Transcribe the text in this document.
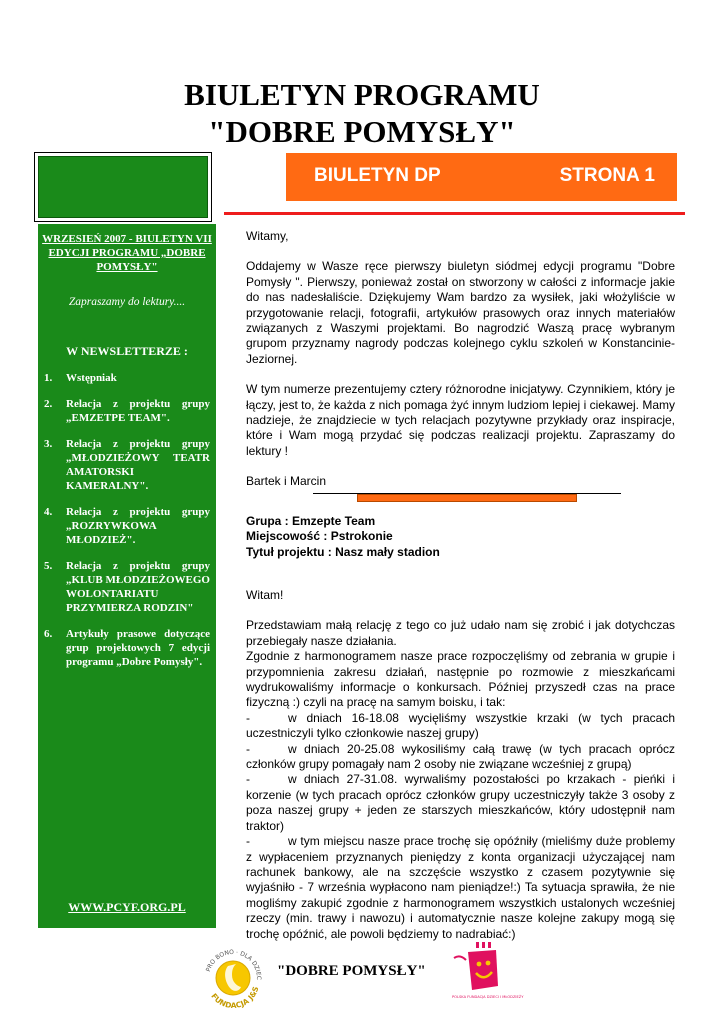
BIULETYN PROGRAMU
"DOBRE POMYSŁY"
BIULETYN DP	STRONA 1
WRZESIEŃ 2007 - BIULETYN VII EDYCJI PROGRAMU „DOBRE POMYSŁY"
Zapraszamy do lektury....
W NEWSLETTERZE :
1. Wstępniak
2. Relacja z projektu grupy „EMZETPE TEAM".
3. Relacja z projektu grupy „MŁODZIEŻOWY TEATR AMATORSKI KAMERALNY".
4. Relacja z projektu grupy „ROZRYWKOWA MŁODZIEŻ".
5. Relacja z projektu grupy „KLUB MŁODZIEŻOWEGO WOLONTARIATU PRZYMIERZA RODZIN"
6. Artykuły prasowe dotyczące grup projektowych 7 edycji programu „Dobre Pomysły".
WWW.PCYF.ORG.PL

Witamy,

Oddajemy w Wasze ręce pierwszy biuletyn siódmej edycji programu "Dobre Pomysły ". Pierwszy, ponieważ został on stworzony w całości z informacje jakie do nas nadesłaliście. Dziękujemy Wam bardzo za wysiłek, jaki włożyliście w przygotowanie relacji, fotografii, artykułów prasowych oraz innych materiałów związanych z Waszymi projektami. Bo nagrodzić Waszą pracę wybranym grupom przyznamy nagrody podczas kolejnego cyklu szkoleń w Konstancinie-Jeziornej.

W tym numerze prezentujemy cztery różnorodne inicjatywy. Czynnikiem, który je łączy, jest to, że każda z nich pomaga żyć innym ludziom lepiej i ciekawej. Mamy nadzieje, że znajdziecie w tych relacjach pozytywne przykłady oraz inspiracje, które i Wam mogą przydać się podczas realizacji projektu. Zapraszamy do lektury !

Bartek i Marcin

Grupa : Emzepte Team
Miejscowość : Pstrokonie
Tytuł projektu : Nasz mały stadion

Witam!

Przedstawiam małą relację z tego co już udało nam się zrobić i jak dotychczas przebiegały nasze działania.

Zgodnie z harmonogramem nasze prace rozpoczęliśmy od zebrania w grupie i przypomnienia zakresu działań, następnie po rozmowie z mieszkańcami wydrukowaliśmy informacje o konkursach. Później przyszedł czas na prace fizyczną :) czyli na pracę na samym boisku, i tak:

-	w dniach 16-18.08 wycięliśmy wszystkie krzaki (w tych pracach uczestniczyli tylko członkowie naszej grupy)

-	w dniach 20-25.08 wykosiliśmy całą trawę (w tych pracach oprócz członków grupy pomagały nam 2 osoby nie związane wcześniej z grupą)

-	w dniach 27-31.08. wyrwaliśmy pozostałości po krzakach - pieńki i korzenie (w tych pracach oprócz członków grupy uczestniczyły także 3 osoby z poza naszej grupy + jeden ze starszych mieszkańców, który udostępnił nam traktor)

-	w tym miejscu nasze prace trochę się opóźniły (mieliśmy duże problemy z wypłaceniem przyznanych pieniędzy z konta organizacji użyczającej nam rachunek bankowy, ale na szczęście wszystko z czasem pozytywnie się wyjaśniło - 7 września wypłacono nam pieniądze!:) Ta sytuacja sprawiła, że nie mogliśmy zakupić zgodnie z harmonogramem wszystkich ustalonych wcześniej rzeczy (min. trawy i nawozu) i automatycznie nasze kolejne zakupy mogą się trochę opóźnić, ale powoli będziemy to nadrabiać:)

PRO BONO · DLA DZIEC
FUNDACJA J&S
"DOBRE POMYSŁY"
POLSKA FUNDACJA DZIECI I MŁODZIEŻY
